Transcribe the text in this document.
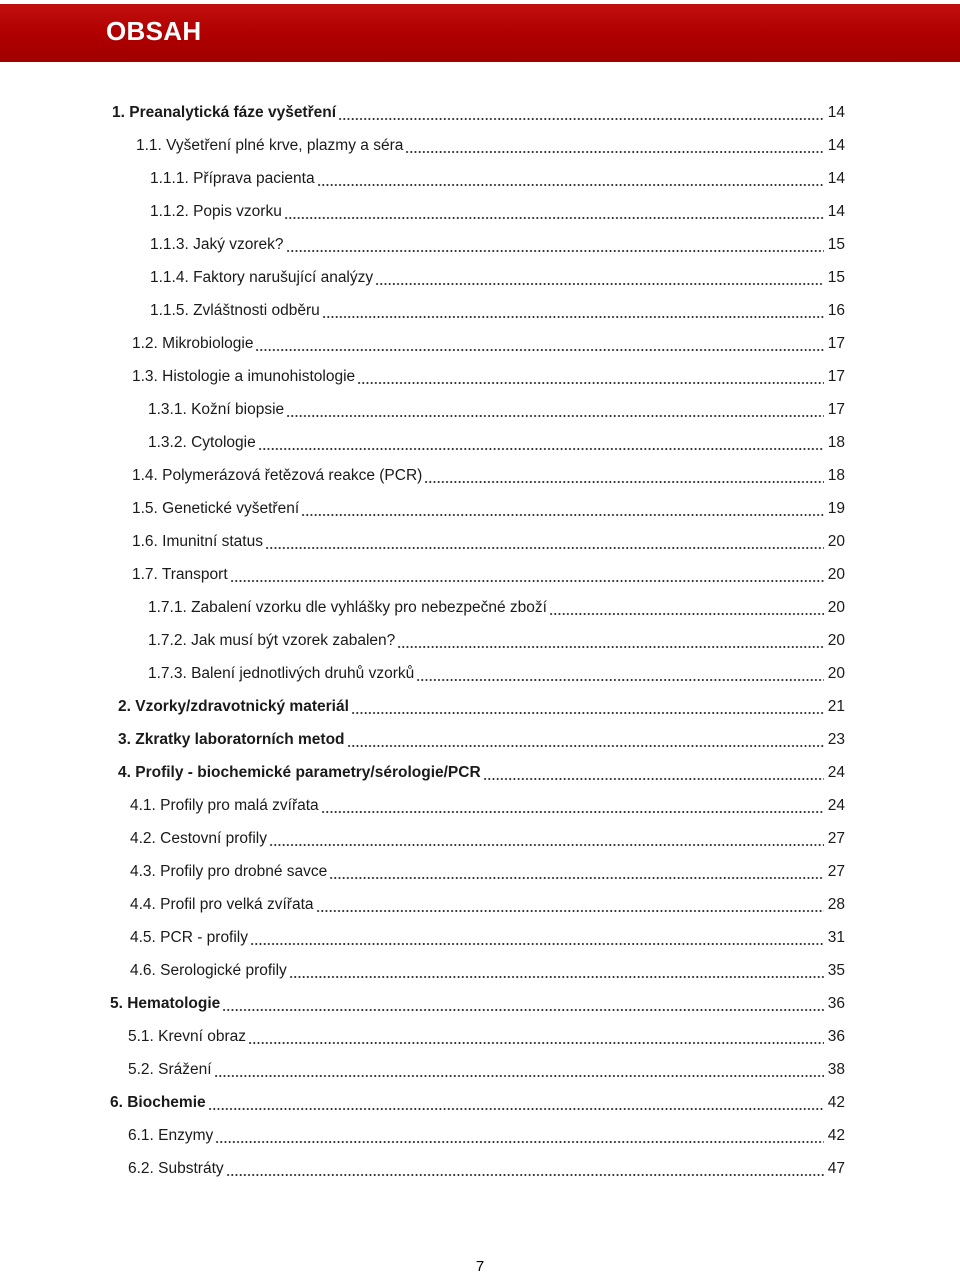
OBSAH
1. Preanalytická fáze vyšetření	14
1.1. Vyšetření plné krve, plazmy a séra	14
1.1.1. Příprava pacienta	14
1.1.2. Popis vzorku	14
1.1.3. Jaký vzorek?	15
1.1.4. Faktory narušující analýzy	15
1.1.5. Zvláštnosti odběru	16
1.2. Mikrobiologie	17
1.3. Histologie a imunohistologie	17
1.3.1. Kožní biopsie	17
1.3.2. Cytologie	18
1.4. Polymerázová řetězová reakce (PCR)	18
1.5. Genetické vyšetření	19
1.6. Imunitní status	20
1.7. Transport	20
1.7.1. Zabalení vzorku dle vyhlášky pro nebezpečné zboží	20
1.7.2. Jak musí být vzorek zabalen?	20
1.7.3. Balení jednotlivých druhů vzorků	20
2. Vzorky/zdravotnický materiál	21
3. Zkratky laboratorních metod	23
4. Profily - biochemické parametry/sérologie/PCR	24
4.1. Profily pro malá zvířata	24
4.2. Cestovní profily	27
4.3. Profily pro drobné savce	27
4.4. Profil pro velká zvířata	28
4.5. PCR - profily	31
4.6. Serologické profily	35
5. Hematologie	36
5.1. Krevní obraz	36
5.2. Srážení	38
6. Biochemie	42
6.1. Enzymy	42
6.2. Substráty	47
7
